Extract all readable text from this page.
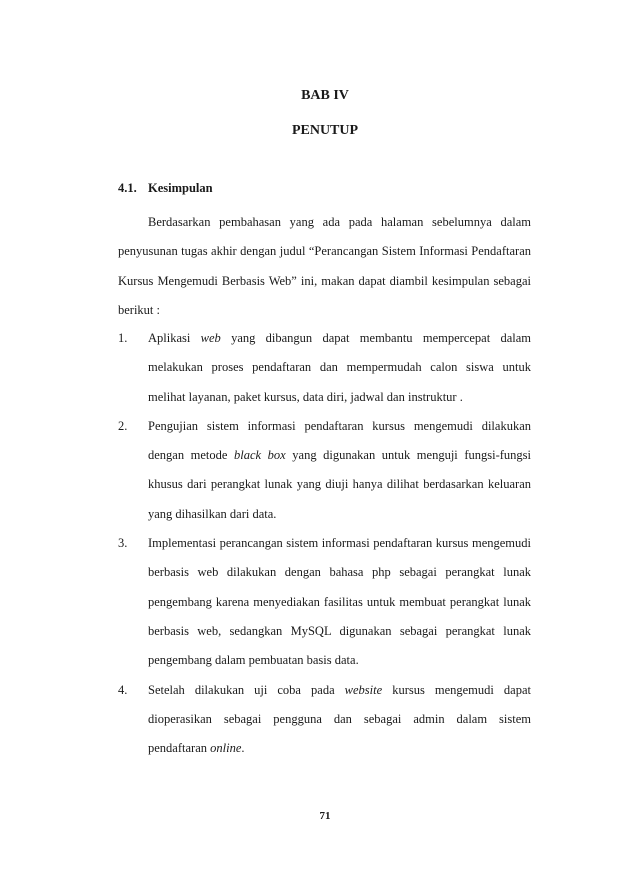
BAB IV
PENUTUP
4.1. Kesimpulan

Berdasarkan pembahasan yang ada pada halaman sebelumnya dalam penyusunan tugas akhir dengan judul “Perancangan Sistem Informasi Pendaftaran Kursus Mengemudi Berbasis Web” ini, makan dapat diambil kesimpulan sebagai berikut :

1. Aplikasi web yang dibangun dapat membantu mempercepat dalam melakukan proses pendaftaran dan mempermudah calon siswa untuk melihat layanan, paket kursus, data diri, jadwal dan instruktur .
2. Pengujian sistem informasi pendaftaran kursus mengemudi dilakukan dengan metode black box yang digunakan untuk menguji fungsi-fungsi khusus dari perangkat lunak yang diuji hanya dilihat berdasarkan keluaran yang dihasilkan dari data.
3. Implementasi perancangan sistem informasi pendaftaran kursus mengemudi berbasis web dilakukan dengan bahasa php sebagai perangkat lunak pengembang karena menyediakan fasilitas untuk membuat perangkat lunak berbasis web, sedangkan MySQL digunakan sebagai perangkat lunak pengembang dalam pembuatan basis data.
4. Setelah dilakukan uji coba pada website kursus mengemudi dapat dioperasikan sebagai pengguna dan sebagai admin dalam sistem pendaftaran online.
71
